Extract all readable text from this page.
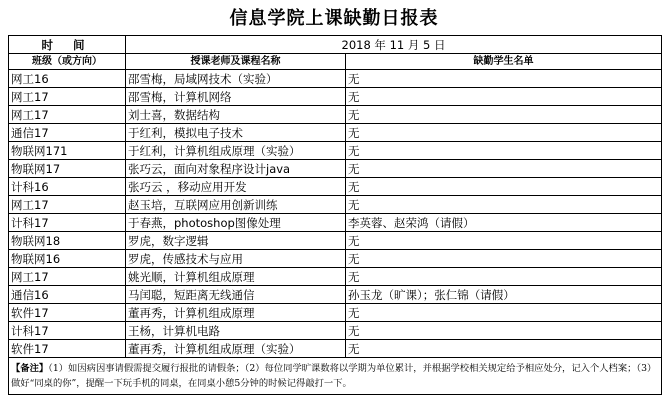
信息学院上课缺勤日报表
时 间	2018 年 11 月 5 日	
班级（或方向）	授课老师及课程名称	缺勤学生名单
网工16	邵雪梅，局域网技术（实验）	无
网工17	邵雪梅，计算机网络	无
网工17	刘士喜，数据结构	无
通信17	于红利，模拟电子技术	无
物联网171	于红利，计算机组成原理（实验）	无
物联网17	张巧云，面向对象程序设计java	无
计科16	张巧云 ，移动应用开发	无
网工17	赵玉培，互联网应用创新训练	无
计科17	于春燕，photoshop图像处理	李英蓉、赵荣鸿（请假）
物联网18	罗虎，数字逻辑	无
物联网16	罗虎，传感技术与应用	无
网工17	姚光顺，计算机组成原理	无
通信16	马闰聪，短距离无线通信	孙玉龙（旷课）；张仁锦（请假）
软件17	董再秀，计算机组成原理	无
计科17	王杨，计算机电路	无
软件17	董再秀，计算机组成原理（实验）	无
【备注】（1）如因病因事请假需提交履行报批的请假条；（2）每位同学旷课数将以学期为单位累计，并根据学校相关规定给予相应处分，记入个人档案；（3）做好“同桌的你”，提醒一下玩手机的同桌，在同桌小憩5分钟的时候记得敲打一下。		
